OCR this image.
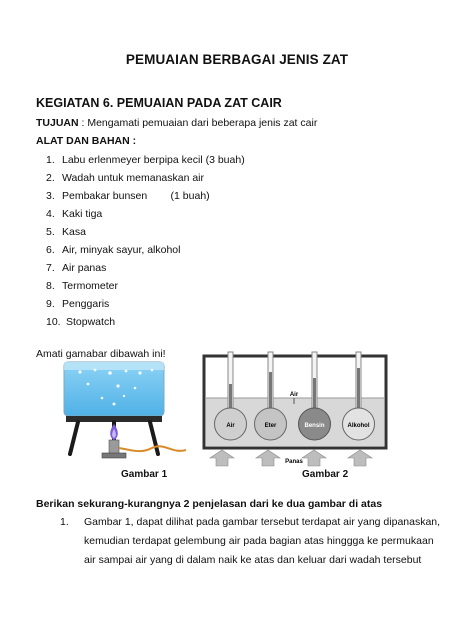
PEMUAIAN BERBAGAI JENIS ZAT
KEGIATAN 6. PEMUAIAN PADA ZAT CAIR
TUJUAN : Mengamati pemuaian dari beberapa jenis zat cair
ALAT DAN BAHAN :
1. Labu erlenmeyer berpipa kecil (3 buah)
2. Wadah untuk memanaskan air
3. Pembakar bunsen        (1 buah)
4. Kaki tiga
5. Kasa
6. Air, minyak sayur, alkohol
7. Air panas
8. Termometer
9. Penggaris
10. Stopwatch
Amati gamabar dibawah ini!
Air	Eter	Bensin	Alkohol
Air
Panas
Gambar 1	Gambar 2
Berikan sekurang-kurangnya 2 penjelasan dari ke dua gambar di atas
1. Gambar 1, dapat dilihat pada gambar tersebut terdapat air yang dipanaskan,
kemudian terdapat gelembung air pada bagian atas hinggga ke permukaan
air sampai air yang di dalam naik ke atas dan keluar dari wadah tersebut
